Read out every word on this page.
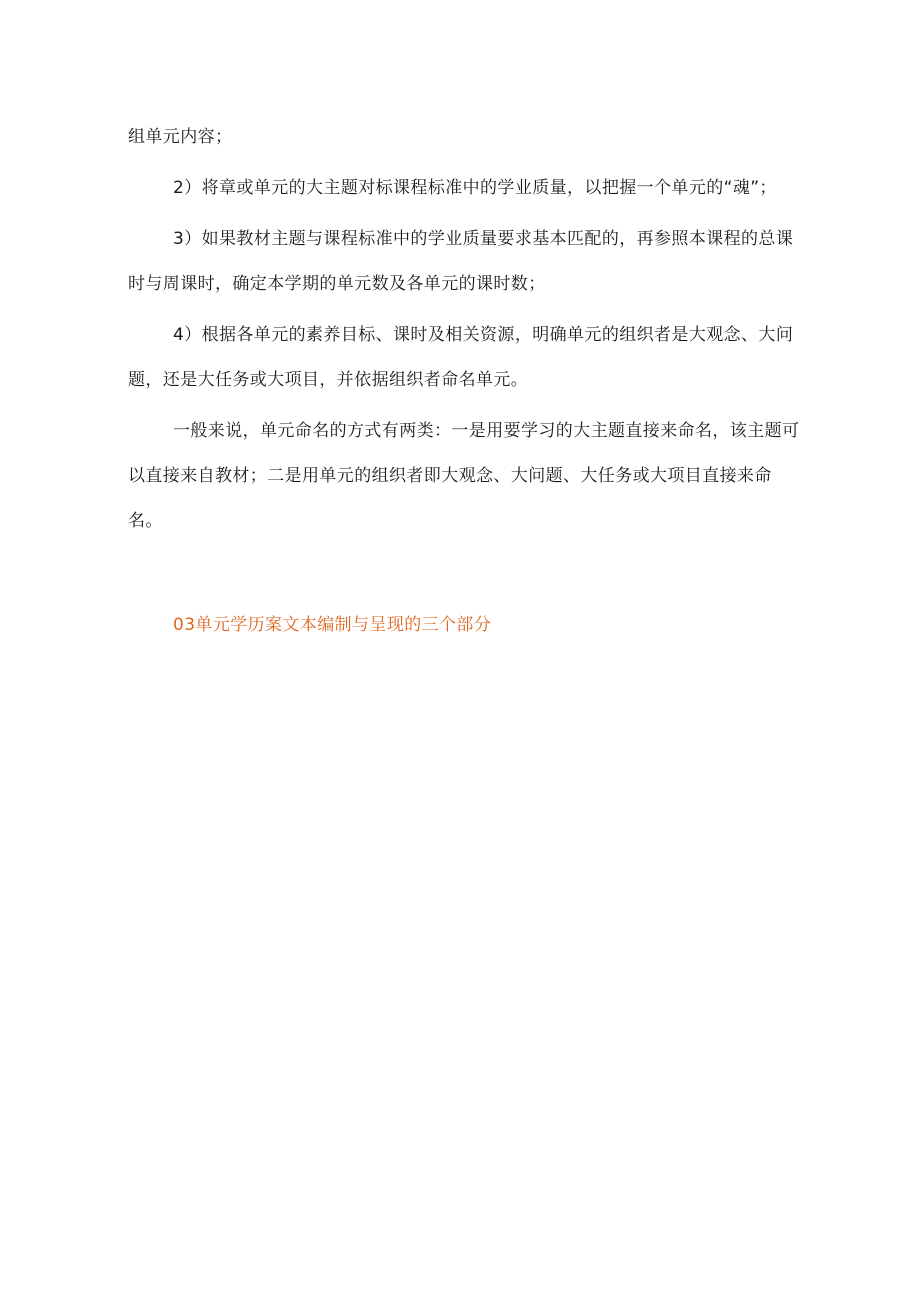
组单元内容；

2）将章或单元的大主题对标课程标准中的学业质量，以把握一个单元的“魂”；

3）如果教材主题与课程标准中的学业质量要求基本匹配的，再参照本课程的总课时与周课时，确定本学期的单元数及各单元的课时数；

4）根据各单元的素养目标、课时及相关资源，明确单元的组织者是大观念、大问题，还是大任务或大项目，并依据组织者命名单元。

一般来说，单元命名的方式有两类：一是用要学习的大主题直接来命名，该主题可以直接来自教材；二是用单元的组织者即大观念、大问题、大任务或大项目直接来命名。

03单元学历案文本编制与呈现的三个部分
